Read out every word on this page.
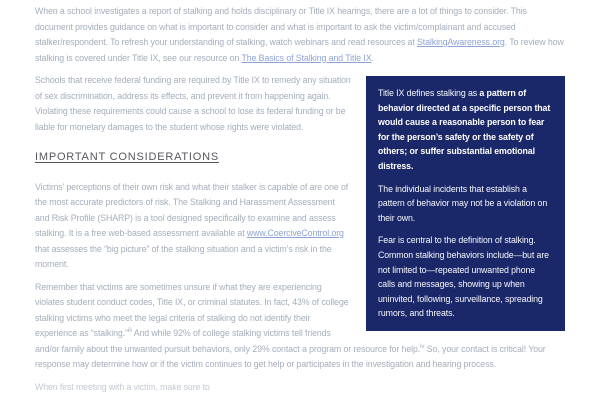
When a school investigates a report of stalking and holds disciplinary or Title IX hearings, there are a lot of things to consider. This document provides guidance on what is important to consider and what is important to ask the victim/complainant and accused stalker/respondent. To refresh your understanding of stalking, watch webinars and read resources at StalkingAwareness.org. To review how stalking is covered under Title IX, see our resource on The Basics of Stalking and Title IX.

Title IX defines stalking as a pattern of behavior directed at a specific person that would cause a reasonable person to fear for the person’s safety or the safety of others; or suffer substantial emotional distress.

The individual incidents that establish a pattern of behavior may not be a violation on their own.

Fear is central to the definition of stalking. Common stalking behaviors include—but are not limited to—repeated unwanted phone calls and messages, showing up when uninvited, following, surveillance, spreading rumors, and threats.

Schools that receive federal funding are required by Title IX to remedy any situation of sex discrimination, address its effects, and prevent it from happening again. Violating these requirements could cause a school to lose its federal funding or be liable for monetary damages to the student whose rights were violated.

IMPORTANT CONSIDERATIONS

Victims’ perceptions of their own risk and what their stalker is capable of are one of the most accurate predictors of risk. The Stalking and Harassment Assessment and Risk Profile (SHARP) is a tool designed specifically to examine and assess stalking. It is a free web-based assessment available at www.CoerciveControl.org that assesses the “big picture” of the stalking situation and a victim’s risk in the moment.

Remember that victims are sometimes unsure if what they are experiencing violates student conduct codes, Title IX, or criminal statutes. In fact, 43% of college stalking victims who meet the legal criteria of stalking do not identify their experience as “stalking.”$^{iii}$ And while 92% of college stalking victims tell friends and/or family about the unwanted pursuit behaviors, only 29% contact a program or resource for help.$^{iv}$ So, your contact is critical! Your response may determine how or if the victim continues to get help or participates in the investigation and hearing process.

When first meeting with a victim, make sure to
